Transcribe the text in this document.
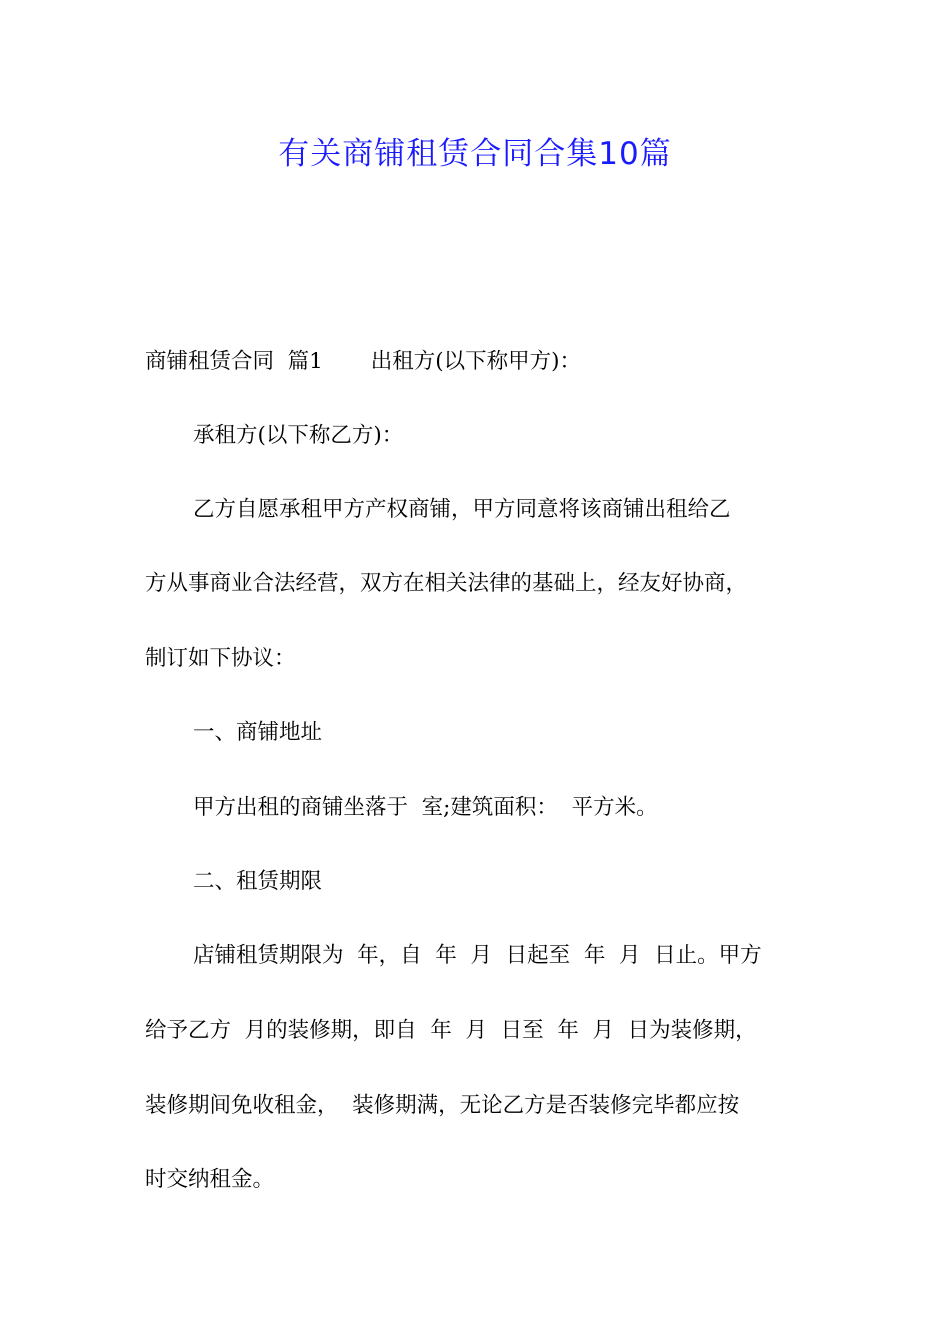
有关商铺租赁合同合集10篇

商铺租赁合同  篇1       出租方(以下称甲方)：

承租方(以下称乙方)：

乙方自愿承租甲方产权商铺，甲方同意将该商铺出租给乙

方从事商业合法经营，双方在相关法律的基础上，经友好协商，

制订如下协议：

一、商铺地址

甲方出租的商铺坐落于  室;建筑面积：  平方米。

二、租赁期限

店铺租赁期限为  年，自  年  月  日起至  年  月  日止。甲方

给予乙方  月的装修期，即自  年  月  日至  年  月  日为装修期，

装修期间免收租金，  装修期满，无论乙方是否装修完毕都应按

时交纳租金。
